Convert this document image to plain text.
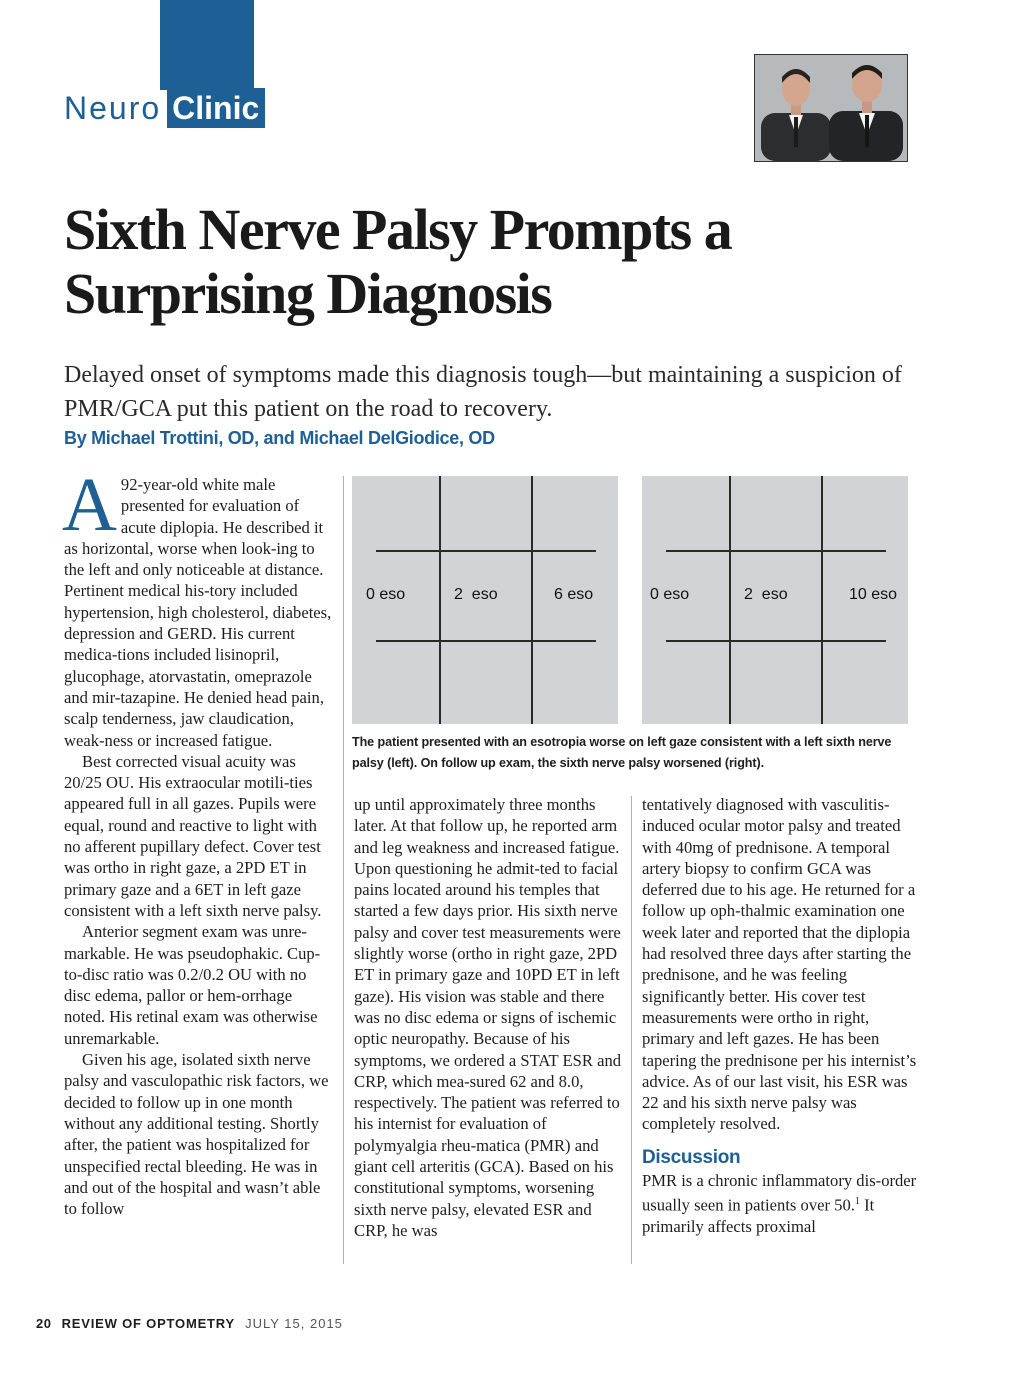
Neuro Clinic
Sixth Nerve Palsy Prompts a
Surprising Diagnosis
Delayed onset of symptoms made this diagnosis tough—but maintaining a suspicion of PMR/GCA put this patient on the road to recovery.
By Michael Trottini, OD, and Michael DelGiodice, OD

A 92-year-old white male presented for evaluation of acute diplopia. He described it as horizontal, worse when look-ing to the left and only noticeable at distance. Pertinent medical his-tory included hypertension, high cholesterol, diabetes, depression and GERD. His current medica-tions included lisinopril, glucophage, atorvastatin, omeprazole and mir-tazapine. He denied head pain, scalp tenderness, jaw claudication, weak-ness or increased fatigue.

Best corrected visual acuity was 20/25 OU. His extraocular motili-ties appeared full in all gazes. Pupils were equal, round and reactive to light with no afferent pupillary defect. Cover test was ortho in right gaze, a 2PD ET in primary gaze and a 6ET in left gaze consistent with a left sixth nerve palsy.

Anterior segment exam was unre-markable. He was pseudophakic. Cup-to-disc ratio was 0.2/0.2 OU with no disc edema, pallor or hem-orrhage noted. His retinal exam was otherwise unremarkable.

Given his age, isolated sixth nerve palsy and vasculopathic risk factors, we decided to follow up in one month without any additional testing. Shortly after, the patient was hospitalized for unspecified rectal bleeding. He was in and out of the hospital and wasn’t able to follow

0 eso	2  eso	6 eso	0 eso	2  eso	10 eso
The patient presented with an esotropia worse on left gaze consistent with a left sixth nerve palsy (left). On follow up exam, the sixth nerve palsy worsened (right).

up until approximately three months later. At that follow up, he reported arm and leg weakness and increased fatigue. Upon questioning he admit-ted to facial pains located around his temples that started a few days prior. His sixth nerve palsy and cover test measurements were slightly worse (ortho in right gaze, 2PD ET in primary gaze and 10PD ET in left gaze). His vision was stable and there was no disc edema or signs of ischemic optic neuropathy. Because of his symptoms, we ordered a STAT ESR and CRP, which mea-sured 62 and 8.0, respectively. The patient was referred to his internist for evaluation of polymyalgia rheu-matica (PMR) and giant cell arteritis (GCA). Based on his constitutional symptoms, worsening sixth nerve palsy, elevated ESR and CRP, he was

tentatively diagnosed with vasculitis-induced ocular motor palsy and treated with 40mg of prednisone. A temporal artery biopsy to confirm GCA was deferred due to his age. He returned for a follow up oph-thalmic examination one week later and reported that the diplopia had resolved three days after starting the prednisone, and he was feeling significantly better. His cover test measurements were ortho in right, primary and left gazes. He has been tapering the prednisone per his internist’s advice. As of our last visit, his ESR was 22 and his sixth nerve palsy was completely resolved.

Discussion

PMR is a chronic inflammatory dis-order usually seen in patients over 50.$^1$ It primarily affects proximal

20 REVIEW OF OPTOMETRY JULY 15, 2015
